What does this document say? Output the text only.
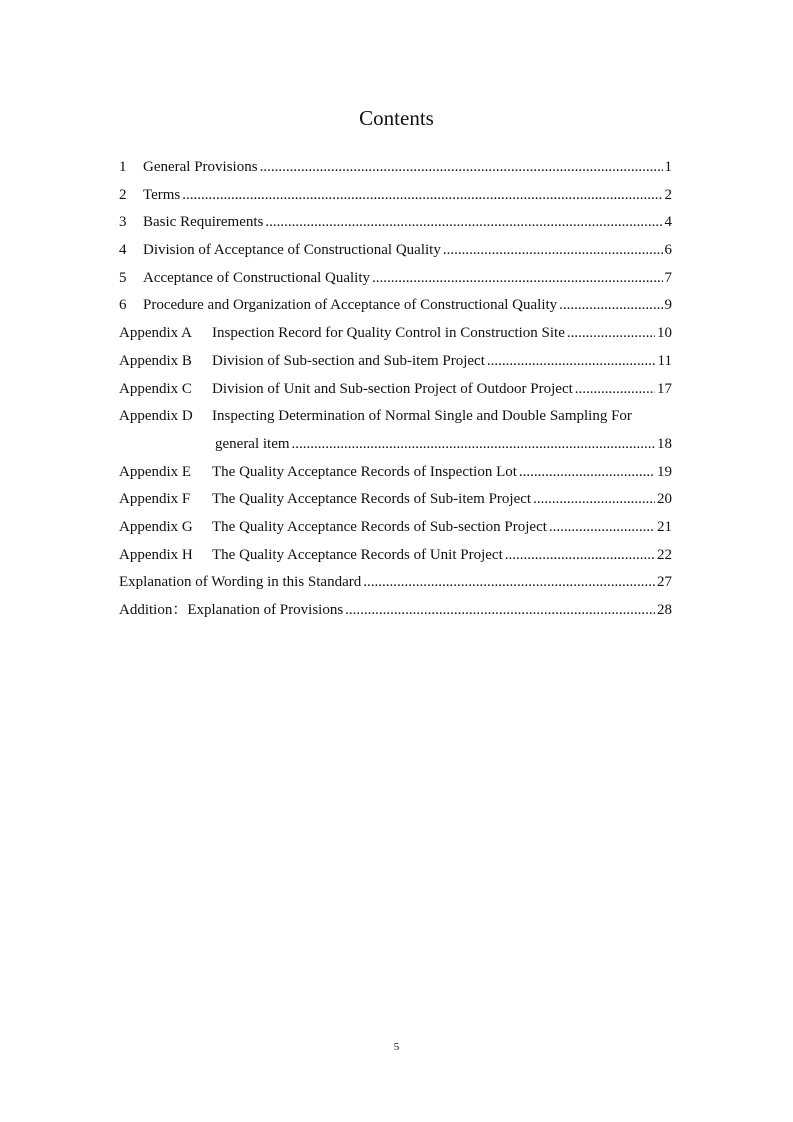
Contents
1	General Provisions .....	1
2	Terms .....	2
3	Basic Requirements .....	4
4	Division of Acceptance of Constructional Quality .....	6
5	Acceptance of Constructional Quality .....	7
6	Procedure and Organization of Acceptance of Constructional Quality .....	9
Appendix A	Inspection Record for Quality Control in Construction Site .....	10
Appendix B	Division of Sub-section and Sub-item Project .....	11
Appendix C	Division of Unit and Sub-section Project of Outdoor Project .....	17
Appendix D	Inspecting Determination of Normal Single and Double Sampling For
general item .....	18
Appendix E	The Quality Acceptance Records of Inspection Lot .....	19
Appendix F	The Quality Acceptance Records of Sub-item Project .....	20
Appendix G	The Quality Acceptance Records of Sub-section Project .....	21
Appendix H	The Quality Acceptance Records of Unit Project .....	22
Explanation of Wording in this Standard .....	27
Addition：Explanation of Provisions .....	28
5
